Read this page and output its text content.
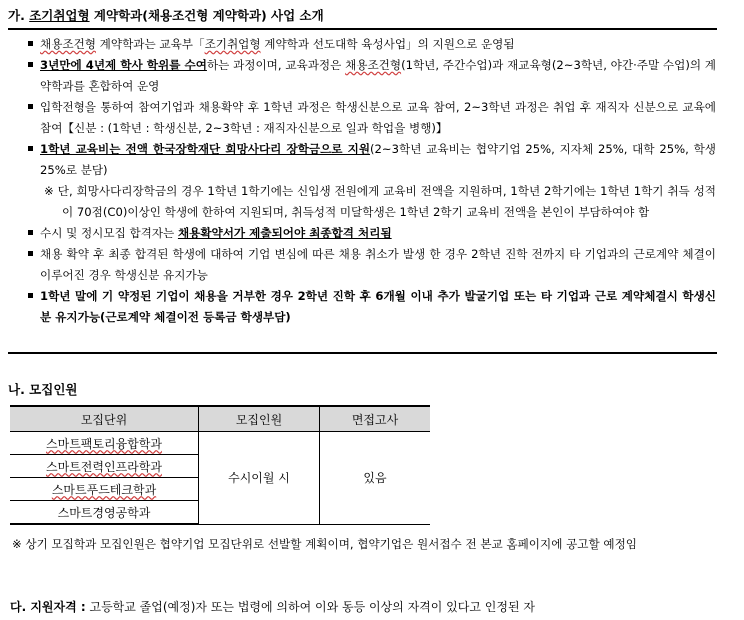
가. 조기취업형 계약학과(채용조건형 계약학과) 사업 소개
채용조건형 계약학과는 교육부「조기취업형 계약학과 선도대학 육성사업」의 지원으로 운영됨
3년만에 4년제 학사 학위를 수여하는 과정이며, 교육과정은 채용조건형(1학년, 주간수업)과 재교육형(2~3학년, 야간·주말 수업)의 계약학과를 혼합하여 운영
입학전형을 통하여 참여기업과 채용확약 후 1학년 과정은 학생신분으로 교육 참여, 2~3학년 과정은 취업 후 재직자 신분으로 교육에 참여【신분 : (1학년 : 학생신분, 2~3학년 : 재직자신분으로 일과 학업을 병행)】
1학년 교육비는 전액 한국장학재단 희망사다리 장학금으로 지원(2~3학년 교육비는 협약기업 25%, 지자체 25%, 대학 25%, 학생 25%로 분담)
※ 단, 희망사다리장학금의 경우 1학년 1학기에는 신입생 전원에게 교육비 전액을 지원하며, 1학년 2학기에는 1학년 1학기 취득 성적이 70점(C0)이상인 학생에 한하여 지원되며, 취득성적 미달학생은 1학년 2학기 교육비 전액을 본인이 부담하여야 함
수시 및 정시모집 합격자는 채용확약서가 제출되어야 최종합격 처리됨
채용 확약 후 최종 합격된 학생에 대하여 기업 변심에 따른 채용 취소가 발생 한 경우 2학년 진학 전까지 타 기업과의 근로계약 체결이 이루어진 경우 학생신분 유지가능
1학년 말에 기 약정된 기업이 채용을 거부한 경우 2학년 진학 후 6개월 이내 추가 발굴기업 또는 타 기업과 근로 계약체결시 학생신분 유지가능(근로계약 체결이전 등록금 학생부담)
나. 모집인원
모집단위	모집인원	면접고사
스마트팩토리융합학과	수시이월 시	있음
스마트전력인프라학과		
스마트푸드테크학과		
스마트경영공학과		
※ 상기 모집학과 모집인원은 협약기업 모집단위로 선발할 계획이며, 협약기업은 원서접수 전 본교 홈페이지에 공고할 예정임
다. 지원자격 : 고등학교 졸업(예정)자 또는 법령에 의하여 이와 동등 이상의 자격이 있다고 인정된 자
